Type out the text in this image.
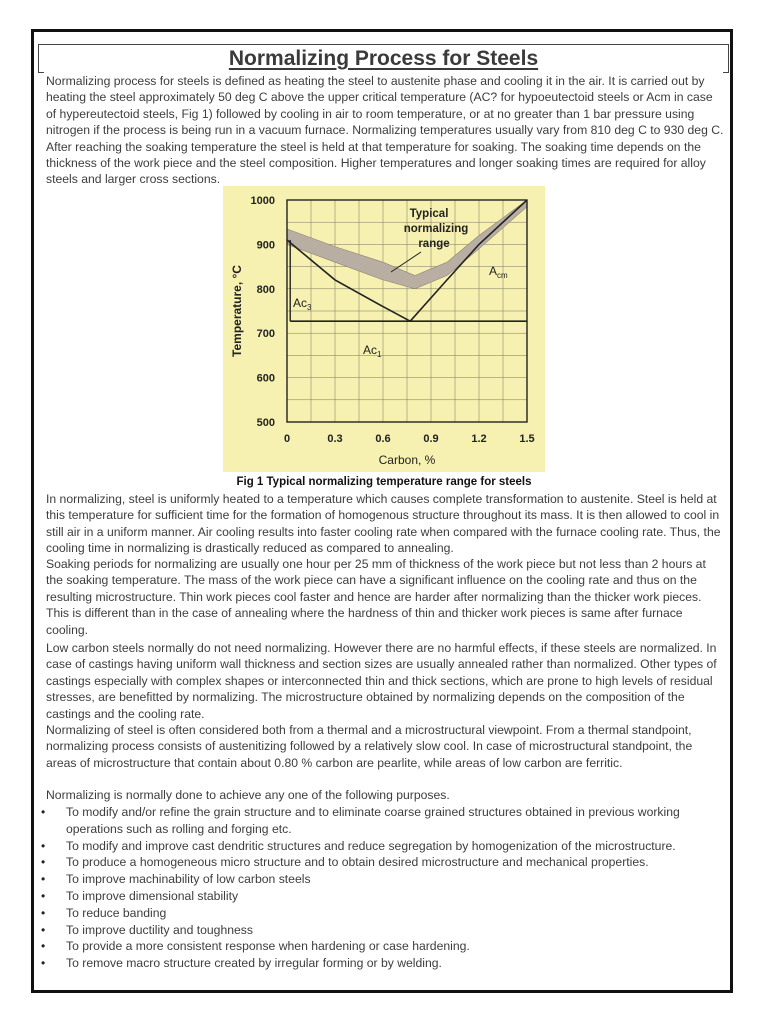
Normalizing Process for Steels

Normalizing process for steels is defined as heating the steel to austenite phase and cooling it in the air. It is carried out by heating the steel approximately 50 deg C above the upper critical temperature (AC? for hypoeutectoid steels or Acm in case of hypereutectoid steels, Fig 1) followed by cooling in air to room temperature, or at no greater than 1 bar pressure using nitrogen if the process is being run in a vacuum furnace. Normalizing temperatures usually vary from 810 deg C to 930 deg C. After reaching the soaking temperature the steel is held at that temperature for soaking. The soaking time depends on the thickness of the work piece and the steel composition. Higher temperatures and longer soaking times are required for alloy steels and larger cross sections.

500
600
700
800
900
1000
0	0.3	0.6	0.9	1.2	1.5
Carbon, %
Temperature, °C
Typical
normalizing
range
$A_{cm}$
$Ac_3$
$Ac_1$
Fig 1 Typical normalizing temperature range for steels

In normalizing, steel is uniformly heated to a temperature which causes complete transformation to austenite. Steel is held at this temperature for sufficient time for the formation of homogenous structure throughout its mass. It is then allowed to cool in still air in a uniform manner. Air cooling results into faster cooling rate when compared with the furnace cooling rate. Thus, the cooling time in normalizing is drastically reduced as compared to annealing.

Soaking periods for normalizing are usually one hour per 25 mm of thickness of the work piece but not less than 2 hours at the soaking temperature. The mass of the work piece can have a significant influence on the cooling rate and thus on the resulting microstructure. Thin work pieces cool faster and hence are harder after normalizing than the thicker work pieces. This is different than in the case of annealing where the hardness of thin and thicker work pieces is same after furnace cooling.

Low carbon steels normally do not need normalizing. However there are no harmful effects, if these steels are normalized. In case of castings having uniform wall thickness and section sizes are usually annealed rather than normalized. Other types of castings especially with complex shapes or interconnected thin and thick sections, which are prone to high levels of residual stresses, are benefitted by normalizing. The microstructure obtained by normalizing depends on the composition of the castings and the cooling rate.

Normalizing of steel is often considered both from a thermal and a microstructural viewpoint. From a thermal standpoint, normalizing process consists of austenitizing followed by a relatively slow cool. In case of microstructural standpoint, the areas of microstructure that contain about 0.80 % carbon are pearlite, while areas of low carbon are ferritic.

Normalizing is normally done to achieve any one of the following purposes.

• To modify and/or refine the grain structure and to eliminate coarse grained structures obtained in previous working operations such as rolling and forging etc.
• To modify and improve cast dendritic structures and reduce segregation by homogenization of the microstructure.
• To produce a homogeneous micro structure and to obtain desired microstructure and mechanical properties.
• To improve machinability of low carbon steels
• To improve dimensional stability
• To reduce banding
• To improve ductility and toughness
• To provide a more consistent response when hardening or case hardening.
• To remove macro structure created by irregular forming or by welding.
